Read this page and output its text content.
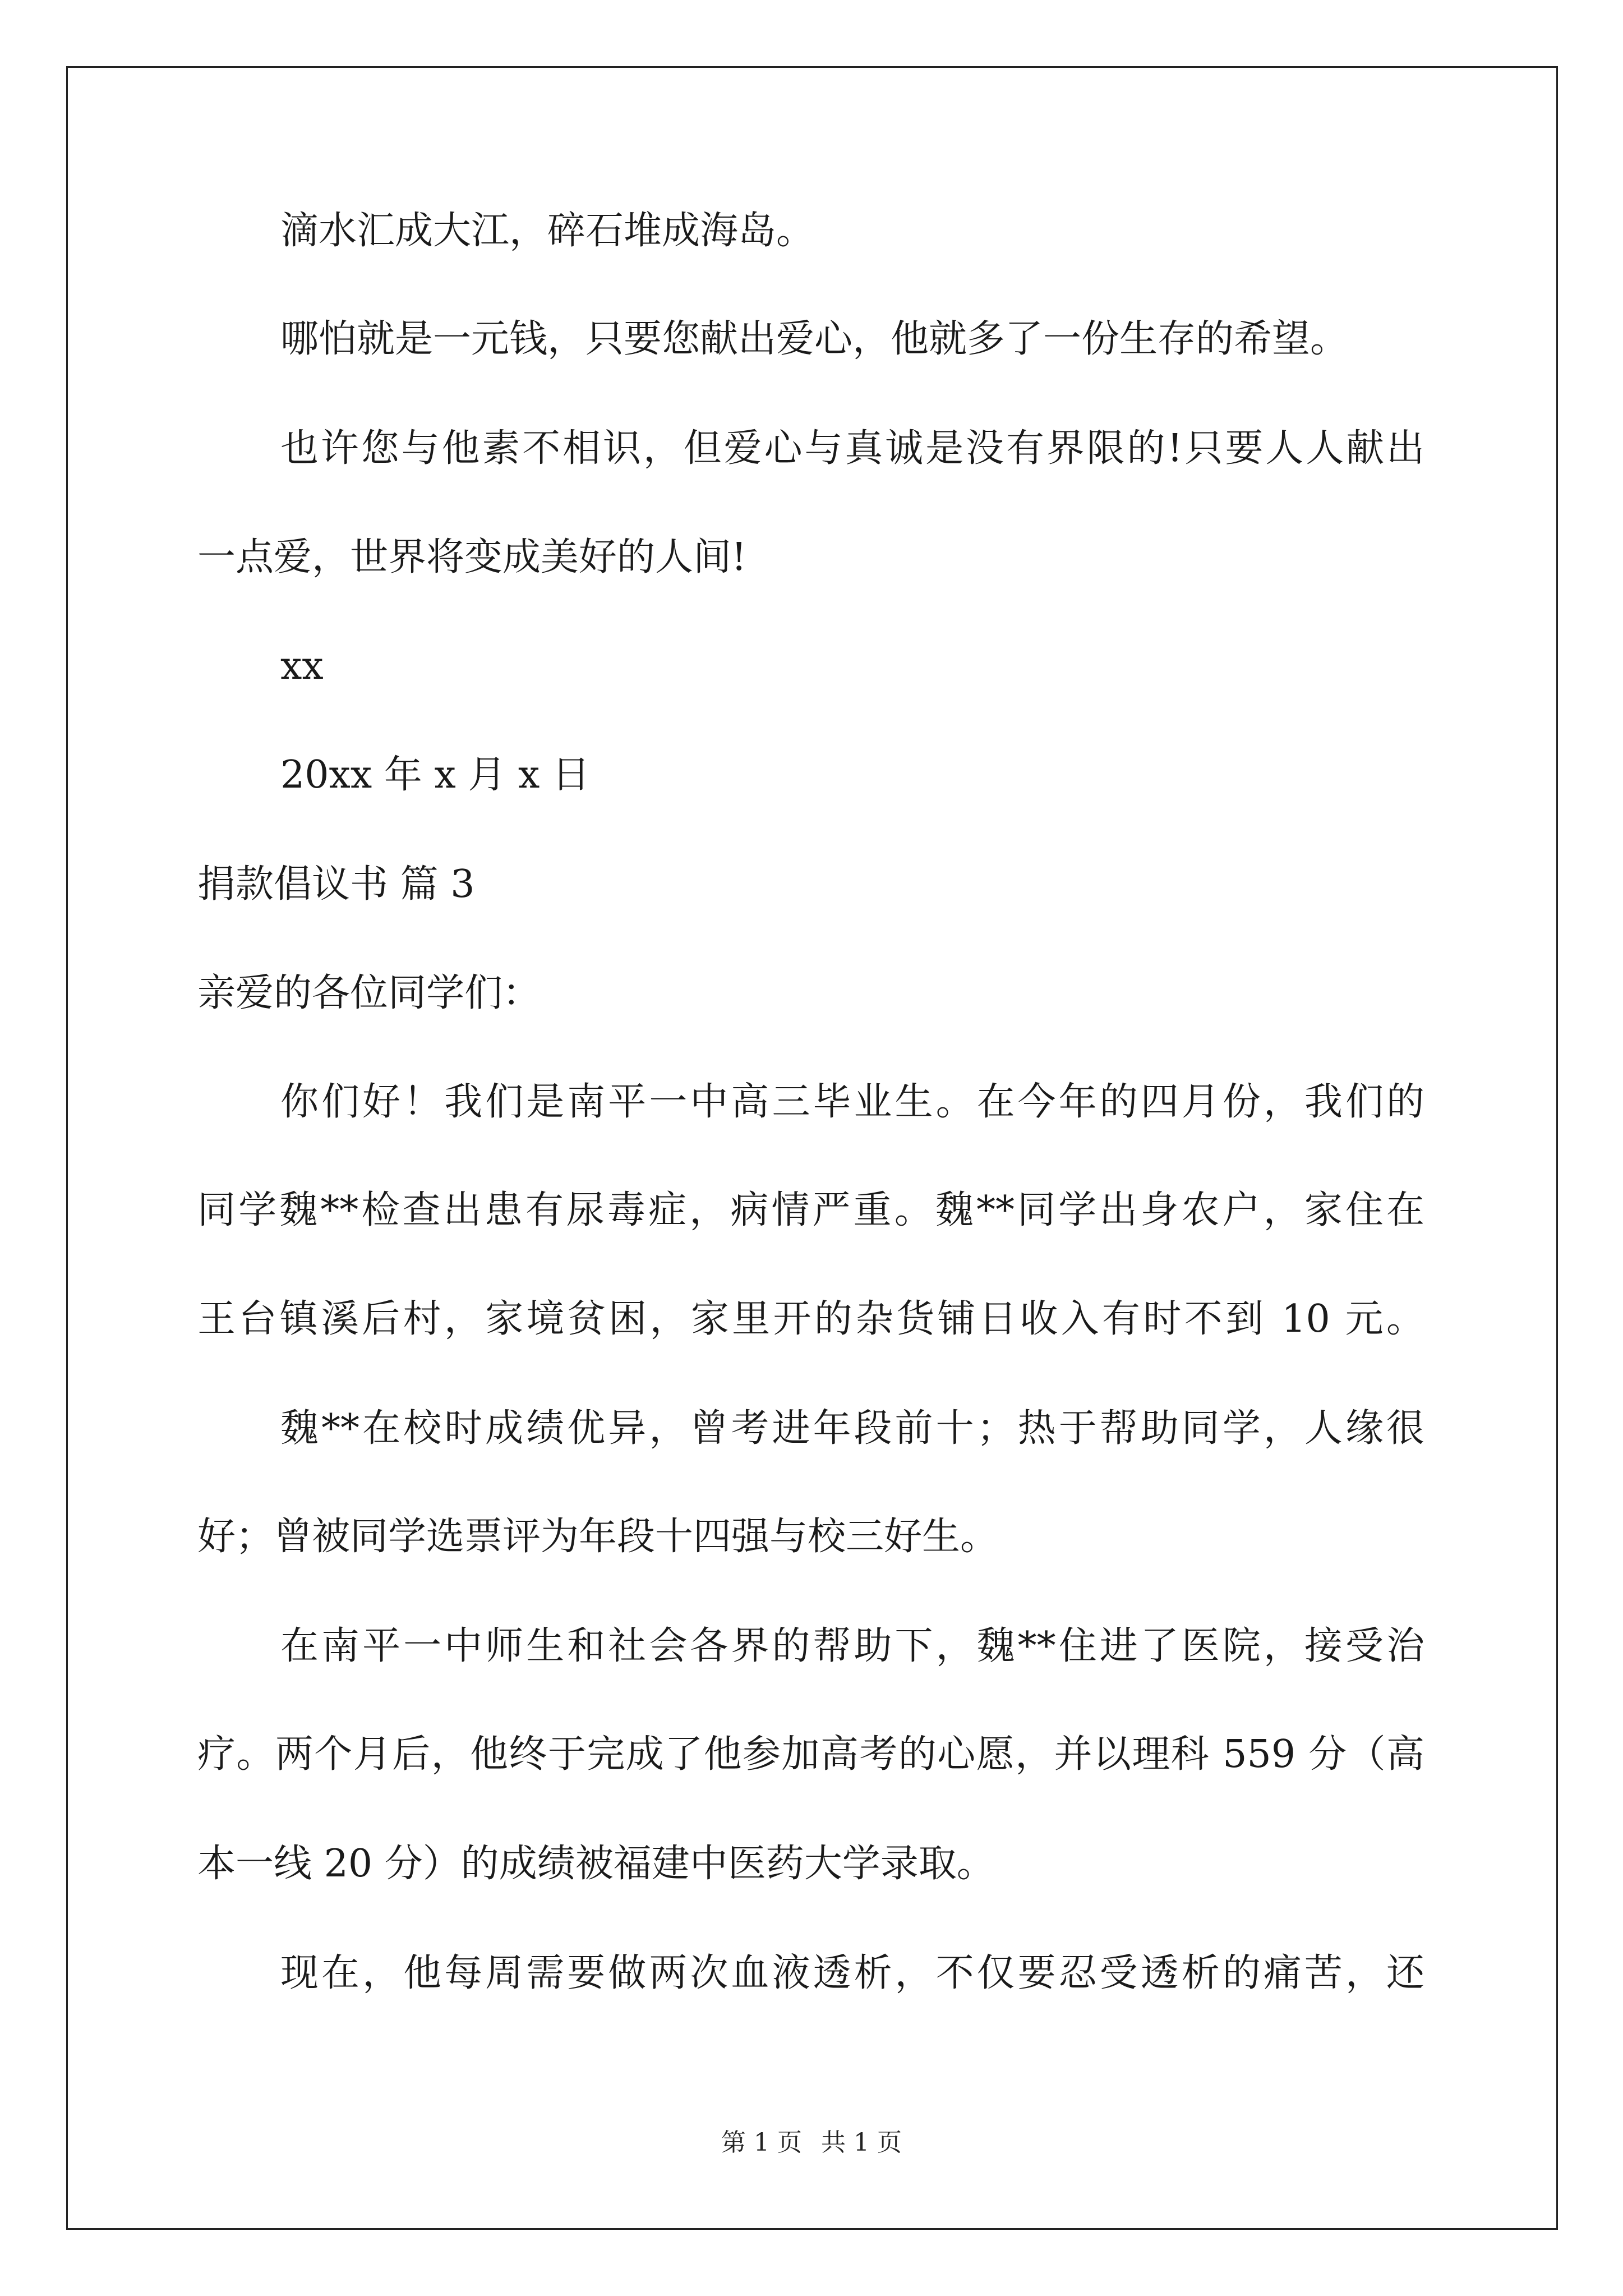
滴水汇成大江，碎石堆成海岛。
哪怕就是一元钱，只要您献出爱心，他就多了一份生存的希望。
也许您与他素不相识，但爱心与真诚是没有界限的!只要人人献出
一点爱，世界将变成美好的人间!
xx
20xx 年 x 月 x 日
捐款倡议书 篇 3
亲爱的各位同学们：
你们好！我们是南平一中高三毕业生。在今年的四月份，我们的
同学魏**检查出患有尿毒症，病情严重。魏**同学出身农户，家住在
王台镇溪后村，家境贫困，家里开的杂货铺日收入有时不到 10 元。
魏**在校时成绩优异，曾考进年段前十；热于帮助同学，人缘很
好；曾被同学选票评为年段十四强与校三好生。
在南平一中师生和社会各界的帮助下，魏**住进了医院，接受治
疗。两个月后，他终于完成了他参加高考的心愿，并以理科 559 分（高
本一线 20 分）的成绩被福建中医药大学录取。
现在，他每周需要做两次血液透析，不仅要忍受透析的痛苦，还
第 1 页 共 1 页
